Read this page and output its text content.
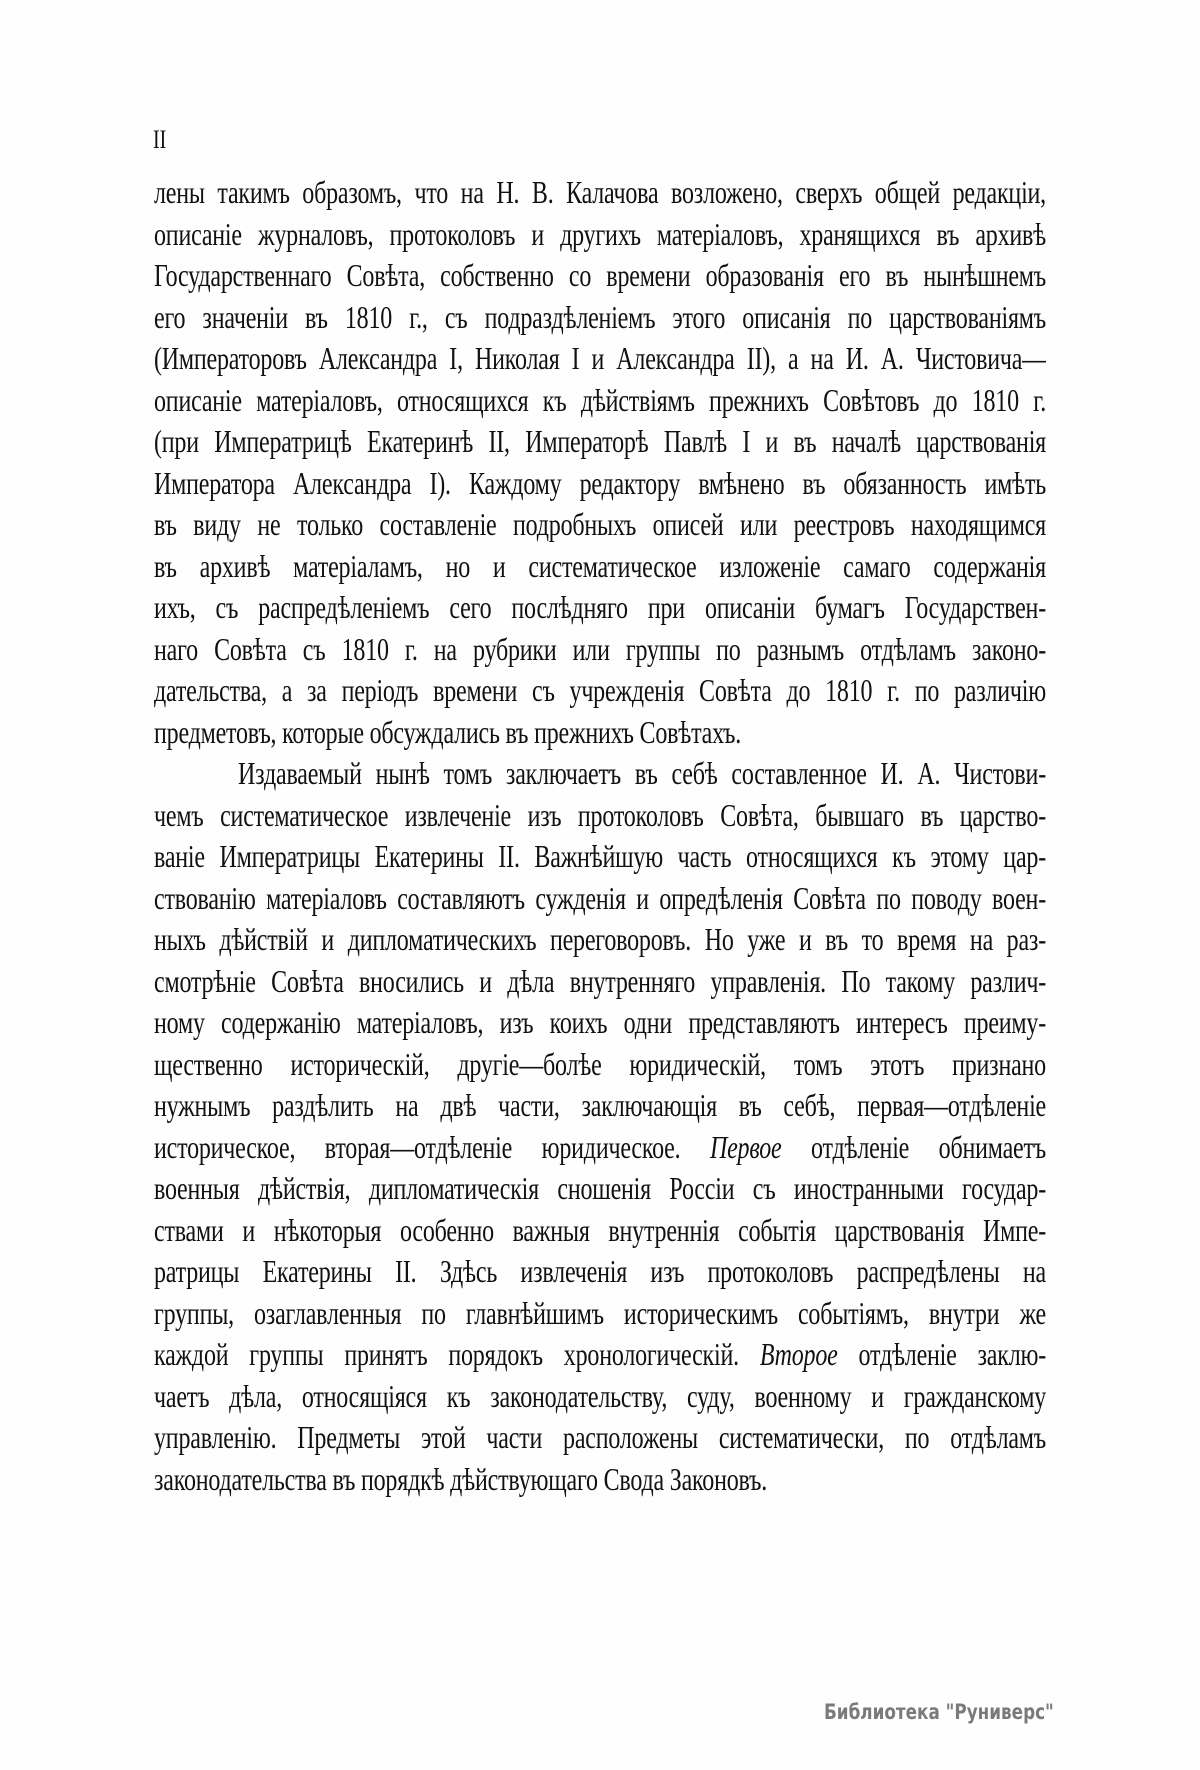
II
лены такимъ образомъ, что на Н. В. Калачова возложено, сверхъ общей редакціи,
описаніе журналовъ, протоколовъ и другихъ матеріаловъ, хранящихся въ архивѣ
Государственнаго Совѣта, собственно со времени образованія его въ нынѣшнемъ
его значеніи въ 1810 г., съ подраздѣленіемъ этого описанія по царствованіямъ
(Императоровъ Александра I, Николая I и Александра II), а на И. А. Чистовича—
описаніе матеріаловъ, относящихся къ дѣйствіямъ прежнихъ Совѣтовъ до 1810 г.
(при Императрицѣ Екатеринѣ II, Императорѣ Павлѣ I и въ началѣ царствованія
Императора Александра I). Каждому редактору вмѣнено въ обязанность имѣть
въ виду не только составленіе подробныхъ описей или реестровъ находящимся
въ архивѣ матеріаламъ, но и систематическое изложеніе самаго содержанія
ихъ, съ распредѣленіемъ сего послѣдняго при описаніи бумагъ Государствен-
наго Совѣта съ 1810 г. на рубрики или группы по разнымъ отдѣламъ законо-
дательства, а за періодъ времени съ учрежденія Совѣта до 1810 г. по различію
предметовъ, которые обсуждались въ прежнихъ Совѣтахъ.
Издаваемый нынѣ томъ заключаетъ въ себѣ составленное И. А. Чистови-
чемъ систематическое извлеченіе изъ протоколовъ Совѣта, бывшаго въ царство-
ваніе Императрицы Екатерины II. Важнѣйшую часть относящихся къ этому цар-
ствованію матеріаловъ составляютъ сужденія и опредѣленія Совѣта по поводу воен-
ныхъ дѣйствій и дипломатическихъ переговоровъ. Но уже и въ то время на раз-
смотрѣніе Совѣта вносились и дѣла внутренняго управленія. По такому различ-
ному содержанію матеріаловъ, изъ коихъ одни представляютъ интересъ преиму-
щественно историческій, другіе—болѣе юридическій, томъ этотъ признано
нужнымъ раздѣлить на двѣ части, заключающія въ себѣ, первая—отдѣленіе
историческое, вторая—отдѣленіе юридическое. Первое отдѣленіе обнимаетъ
военныя дѣйствія, дипломатическія сношенія Россіи съ иностранными государ-
ствами и нѣкоторыя особенно важныя внутреннія событія царствованія Импе-
ратрицы Екатерины II. Здѣсь извлеченія изъ протоколовъ распредѣлены на
группы, озаглавленныя по главнѣйшимъ историческимъ событіямъ, внутри же
каждой группы принятъ порядокъ хронологическій. Второе отдѣленіе заклю-
чаетъ дѣла, относящіяся къ законодательству, суду, военному и гражданскому
управленію. Предметы этой части расположены систематически, по отдѣламъ
законодательства въ порядкѣ дѣйствующаго Свода Законовъ.
Библиотека "Руниверс"
